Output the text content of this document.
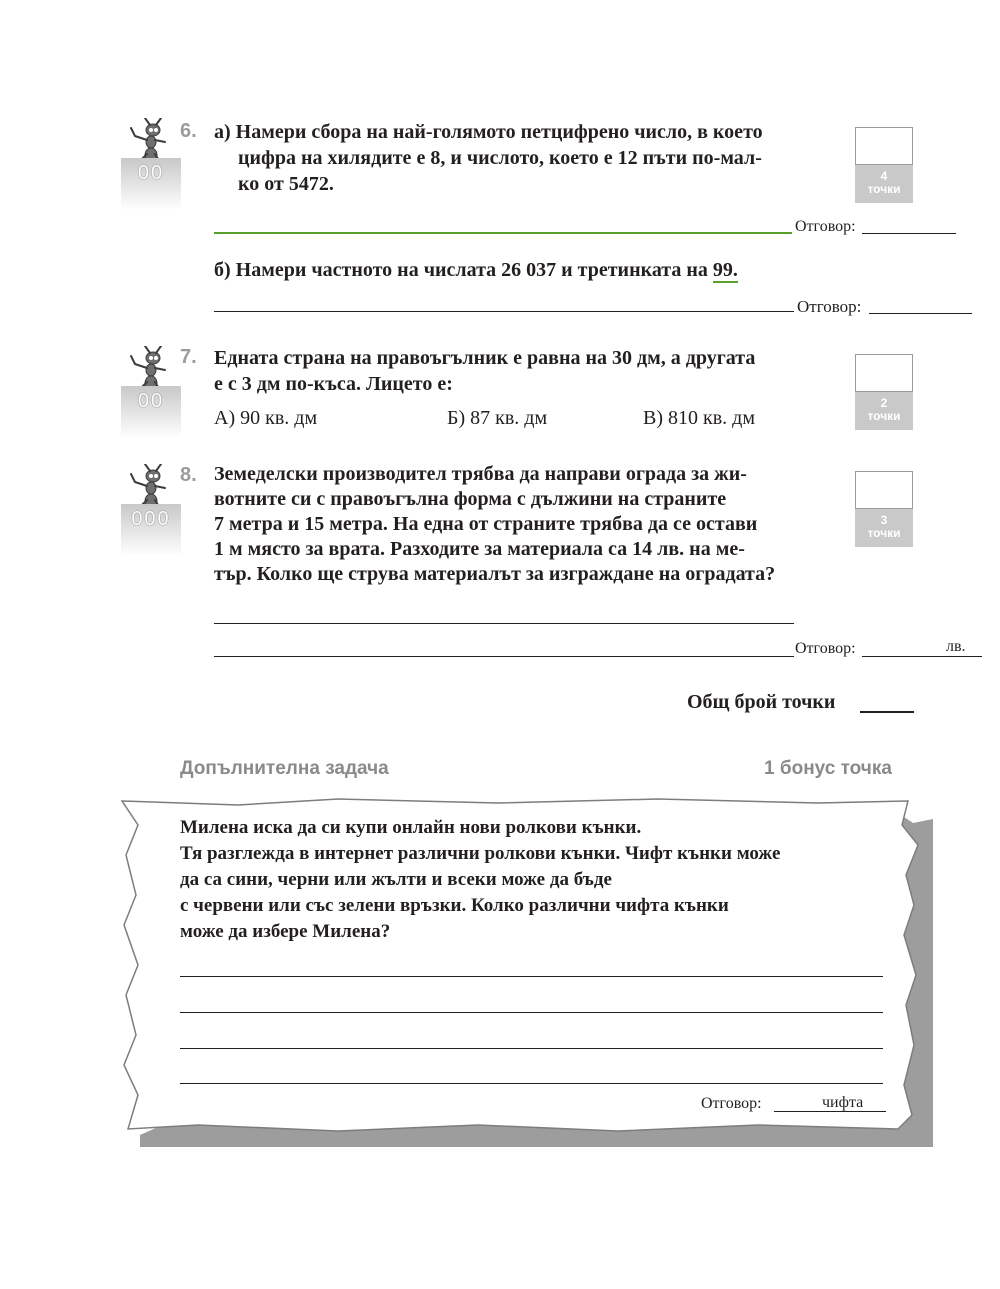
00
6. а) Намери сбора на най-голямото петцифрено число, в което
цифра на хилядите е 8, и числото, което е 12 пъти по-мал-
ко от 5472.	4
точки
Отговор:
б) Намери частното на числата 26 037 и третинката на 99.
Отговор:
00
7. Едната страна на правоъгълник е равна на 30 дм, а другата
е с 3 дм по-къса. Лицето е:
А) 90 кв. дм	Б) 87 кв. дм	В) 810 кв. дм
2
точки
000
8. Земеделски производител трябва да направи ограда за жи-
вотните си с правоъгълна форма с дължини на страните
7 метра и 15 метра. На една от страните трябва да се остави
1 м място за врата. Разходите за материала са 14 лв. на ме-
тър. Колко ще струва материалът за изграждане на оградата?
3
точки
Отговор:	лв.
Общ брой точки
Допълнителна задача	1 бонус точка
Милена иска да си купи онлайн нови ролкови кънки.
Тя разглежда в интернет различни ролкови кънки. Чифт кънки може
да са сини, черни или жълти и всеки може да бъде
с червени или със зелени връзки. Колко различни чифта кънки
може да избере Милена?
Отговор:	чифта
